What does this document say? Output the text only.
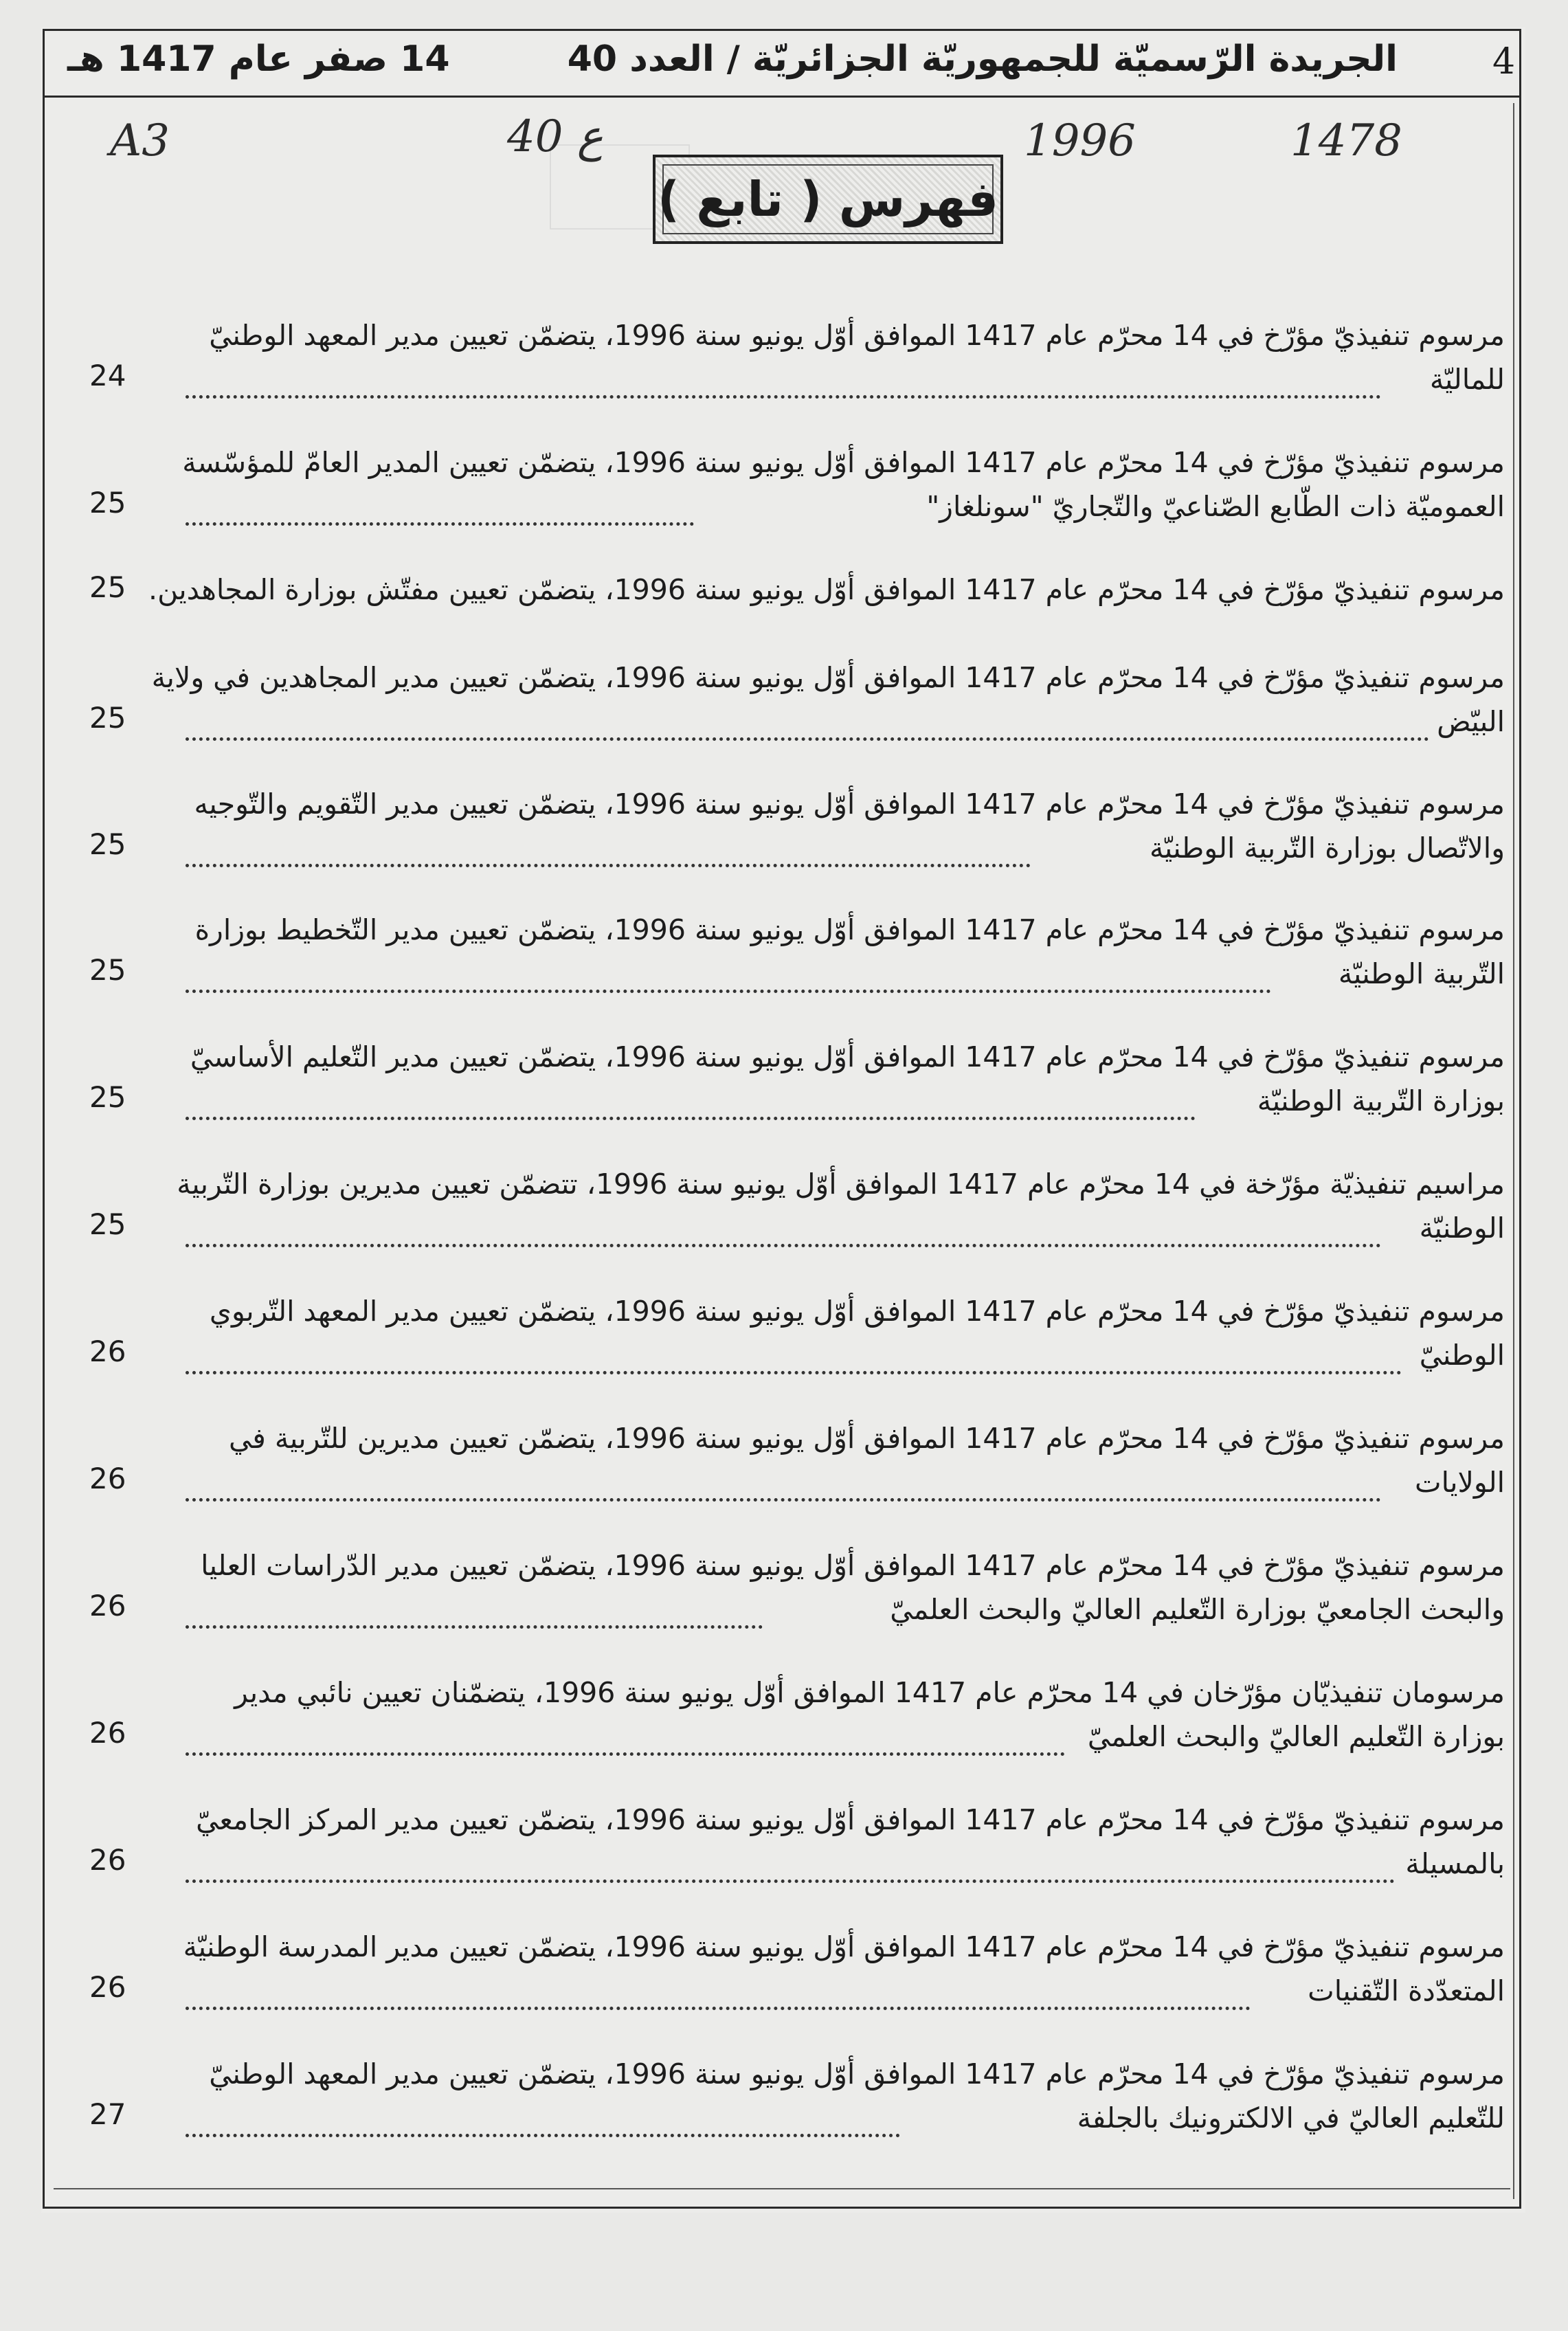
4
الجريدة الرّسميّة للجمهوريّة الجزائريّة / العدد 40
14 صفر عام 1417 هـ
A3	40 ع	1996	1478
فهرس ( تابع )
مرسوم تنفيذيّ مؤرّخ في 14 محرّم عام 1417 الموافق أوّل يونيو سنة 1996، يتضمّن تعيين مدير المعهد الوطنيّ
للماليّة
24
مرسوم تنفيذيّ مؤرّخ في 14 محرّم عام 1417 الموافق أوّل يونيو سنة 1996، يتضمّن تعيين المدير العامّ للمؤسّسة
العموميّة ذات الطّابع الصّناعيّ والتّجاريّ "سونلغاز"
25
مرسوم تنفيذيّ مؤرّخ في 14 محرّم عام 1417 الموافق أوّل يونيو سنة 1996، يتضمّن تعيين مفتّش بوزارة المجاهدين.
25
مرسوم تنفيذيّ مؤرّخ في 14 محرّم عام 1417 الموافق أوّل يونيو سنة 1996، يتضمّن تعيين مدير المجاهدين في ولاية
البيّض
25
مرسوم تنفيذيّ مؤرّخ في 14 محرّم عام 1417 الموافق أوّل يونيو سنة 1996، يتضمّن تعيين مدير التّقويم والتّوجيه
والاتّصال بوزارة التّربية الوطنيّة
25
مرسوم تنفيذيّ مؤرّخ في 14 محرّم عام 1417 الموافق أوّل يونيو سنة 1996، يتضمّن تعيين مدير التّخطيط بوزارة
التّربية الوطنيّة
25
مرسوم تنفيذيّ مؤرّخ في 14 محرّم عام 1417 الموافق أوّل يونيو سنة 1996، يتضمّن تعيين مدير التّعليم الأساسيّ
بوزارة التّربية الوطنيّة
25
مراسيم تنفيذيّة مؤرّخة في 14 محرّم عام 1417 الموافق أوّل يونيو سنة 1996، تتضمّن تعيين مديرين بوزارة التّربية
الوطنيّة
25
مرسوم تنفيذيّ مؤرّخ في 14 محرّم عام 1417 الموافق أوّل يونيو سنة 1996، يتضمّن تعيين مدير المعهد التّربوي
الوطنيّ
26
مرسوم تنفيذيّ مؤرّخ في 14 محرّم عام 1417 الموافق أوّل يونيو سنة 1996، يتضمّن تعيين مديرين للتّربية في
الولايات
26
مرسوم تنفيذيّ مؤرّخ في 14 محرّم عام 1417 الموافق أوّل يونيو سنة 1996، يتضمّن تعيين مدير الدّراسات العليا
والبحث الجامعيّ بوزارة التّعليم العاليّ والبحث العلميّ
26
مرسومان تنفيذيّان مؤرّخان في 14 محرّم عام 1417 الموافق أوّل يونيو سنة 1996، يتضمّنان تعيين نائبي مدير
بوزارة التّعليم العاليّ والبحث العلميّ
26
مرسوم تنفيذيّ مؤرّخ في 14 محرّم عام 1417 الموافق أوّل يونيو سنة 1996، يتضمّن تعيين مدير المركز الجامعيّ
بالمسيلة
26
مرسوم تنفيذيّ مؤرّخ في 14 محرّم عام 1417 الموافق أوّل يونيو سنة 1996، يتضمّن تعيين مدير المدرسة الوطنيّة
المتعدّدة التّقنيات
26
مرسوم تنفيذيّ مؤرّخ في 14 محرّم عام 1417 الموافق أوّل يونيو سنة 1996، يتضمّن تعيين مدير المعهد الوطنيّ
للتّعليم العاليّ في الالكترونيك بالجلفة
27
